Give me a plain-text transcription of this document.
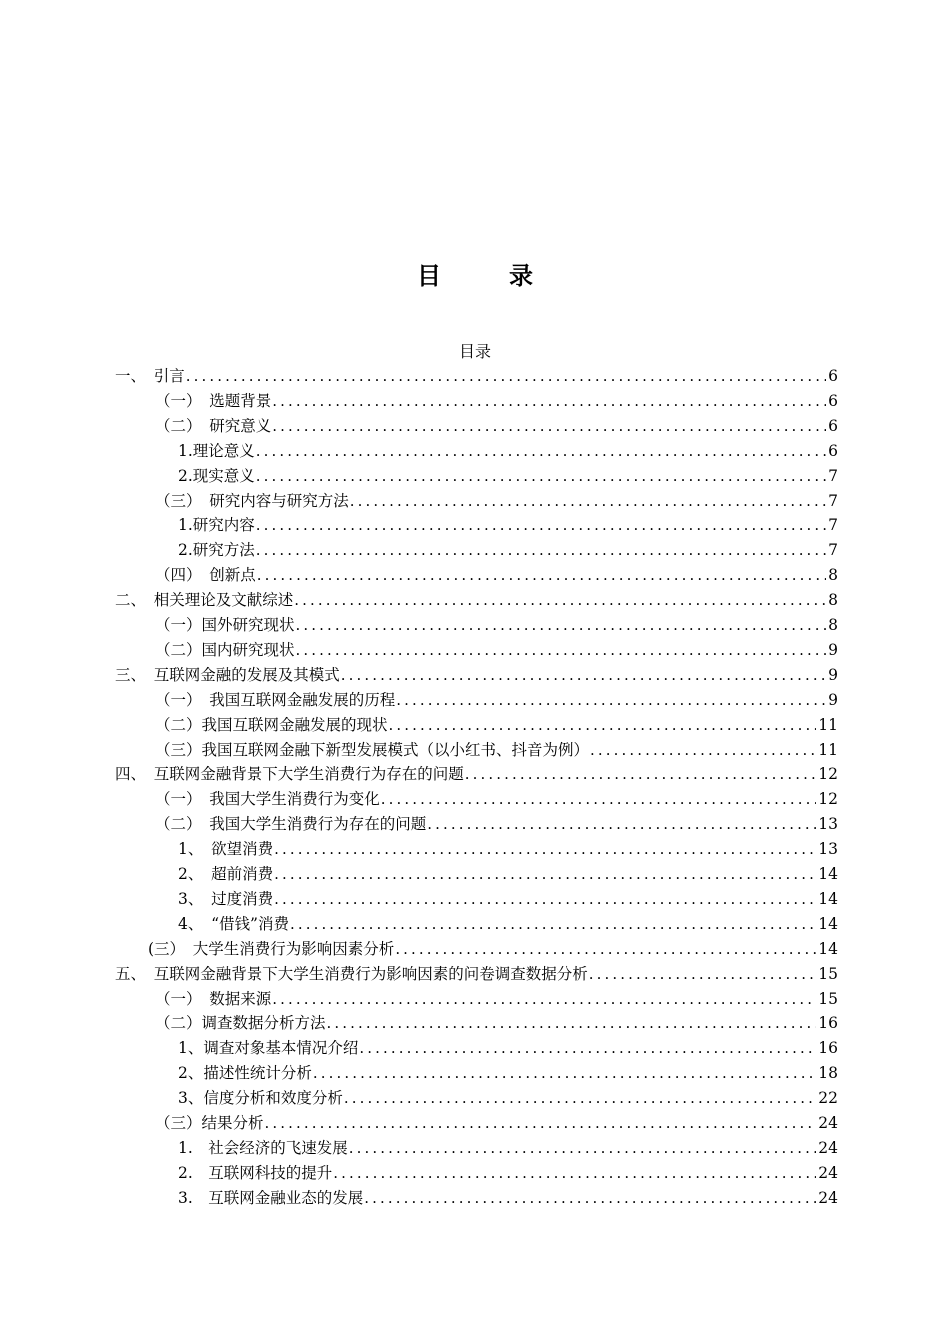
目　录
目录
一、　引言 .....	6
（一）　选题背景 .....	6
（二）　研究意义 .....	6
1.理论意义 .....	6
2.现实意义 .....	7
（三）　研究内容与研究方法 .....	7
1.研究内容 .....	7
2.研究方法 .....	7
（四）　创新点 .....	8
二、　相关理论及文献综述 .....	8
（一）国外研究现状 .....	8
（二）国内研究现状 .....	9
三、　互联网金融的发展及其模式 .....	9
（一）　我国互联网金融发展的历程 .....	9
（二）我国互联网金融发展的现状 .....	11
（三）我国互联网金融下新型发展模式（以小红书、抖音为例） .....	11
四、　互联网金融背景下大学生消费行为存在的问题 .....	12
（一）　我国大学生消费行为变化 .....	12
（二）　我国大学生消费行为存在的问题 .....	13
1、　欲望消费 .....	13
2、　超前消费 .....	14
3、　过度消费 .....	14
4、　“借钱”消费 .....	14
(三）　大学生消费行为影响因素分析 .....	14
五、　互联网金融背景下大学生消费行为影响因素的问卷调查数据分析 .....	15
（一）　数据来源 .....	15
（二）调查数据分析方法 .....	16
1、调查对象基本情况介绍 .....	16
2、描述性统计分析 .....	18
3、信度分析和效度分析 .....	22
（三）结果分析 .....	24
1.　社会经济的飞速发展 .....	24
2.　互联网科技的提升 .....	24
3.　互联网金融业态的发展 .....	24
